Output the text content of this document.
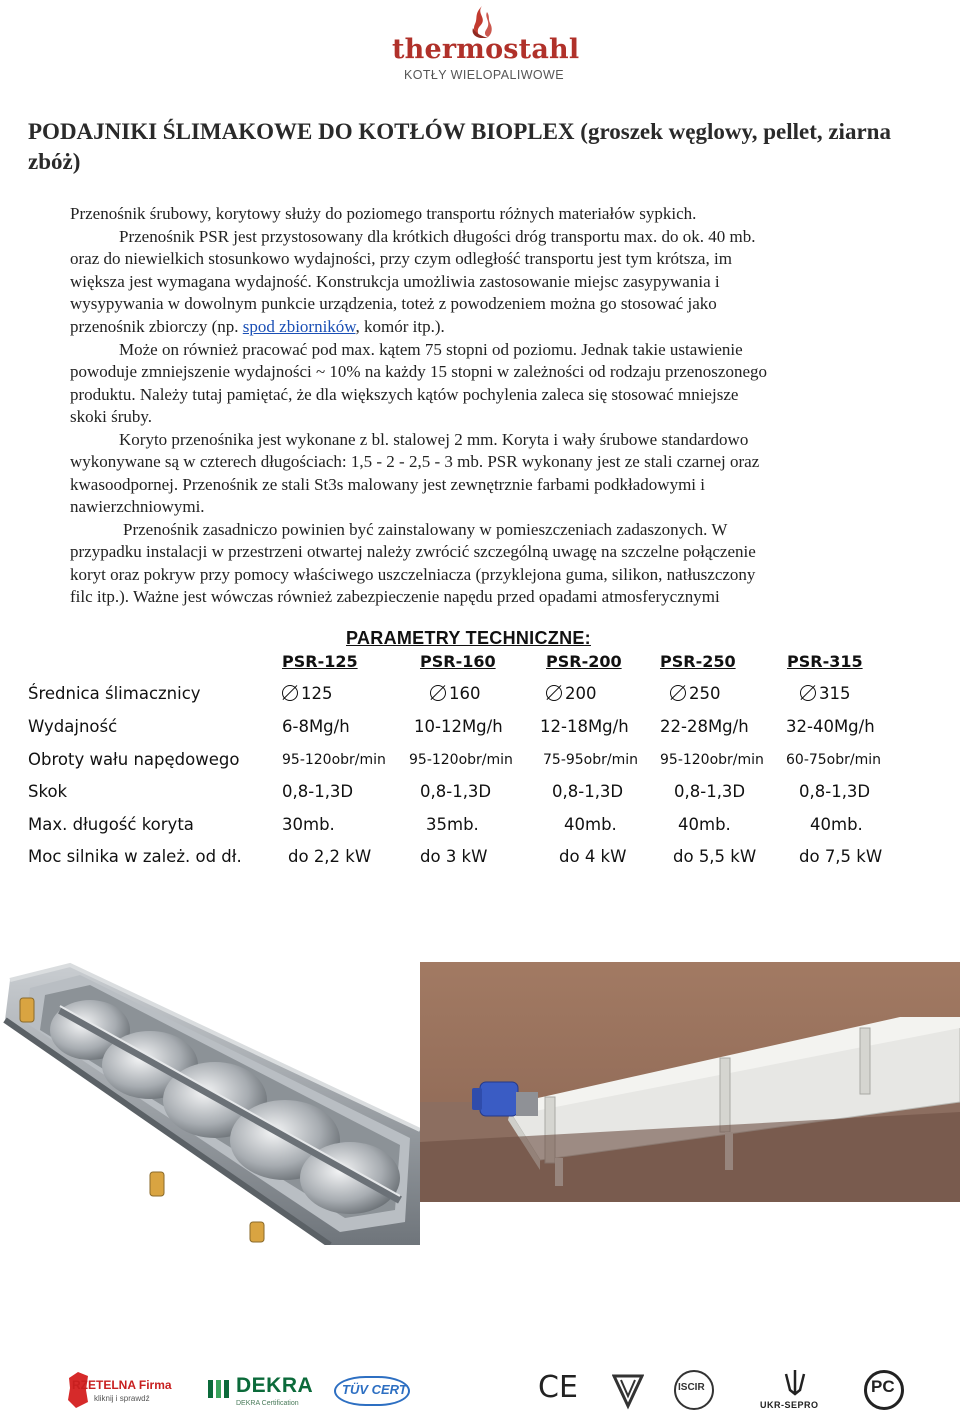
thermostahl
KOTŁY WIELOPALIWOWE
PODAJNIKI ŚLIMAKOWE DO KOTŁÓW BIOPLEX (groszek węglowy, pellet, ziarna zbóż)
Przenośnik śrubowy, korytowy służy do poziomego transportu różnych materiałów sypkich.
Przenośnik PSR jest przystosowany dla krótkich długości dróg transportu max. do ok. 40 mb.
oraz do niewielkich stosunkowo wydajności, przy czym odległość transportu jest tym krótsza, im
większa jest wymagana wydajność. Konstrukcja umożliwia zastosowanie miejsc zasypywania i
wysypywania w dowolnym punkcie urządzenia, toteż z powodzeniem można go stosować jako
przenośnik zbiorczy (np. spod zbiorników, komór itp.).
Może on również pracować pod max. kątem 75 stopni od poziomu. Jednak takie ustawienie
powoduje zmniejszenie wydajności ~ 10% na każdy 15 stopni w zależności od rodzaju przenoszonego
produktu. Należy tutaj pamiętać, że dla większych kątów pochylenia zaleca się stosować mniejsze
skoki śruby.
Koryto przenośnika jest wykonane z bl. stalowej 2 mm. Koryta i wały śrubowe standardowo
wykonywane są w czterech długościach: 1,5 - 2 - 2,5 - 3 mb. PSR wykonany jest ze stali czarnej oraz
kwasoodpornej. Przenośnik ze stali St3s malowany jest zewnętrznie farbami podkładowymi i
nawierzchniowymi.
Przenośnik zasadniczo powinien być zainstalowany w pomieszczeniach zadaszonych. W
przypadku instalacji w przestrzeni otwartej należy zwrócić szczególną uwagę na szczelne połączenie
koryt oraz pokryw przy pomocy właściwego uszczelniacza (przyklejona guma, silikon, natłuszczony
filc itp.). Ważne jest wówczas również zabezpieczenie napędu przed opadami atmosferycznymi
PARAMETRY TECHNICZNE:
PSR-125	PSR-160	PSR-200 PSR-250	PSR-315
Średnica ślimacznicy	125	160	200	250	315
Wydajność	6-8Mg/h	10-12Mg/h 12-18Mg/h 22-28Mg/h 32-40Mg/h
Obroty wału napędowego	95-120obr/min 95-120obr/min 75-95obr/min 95-120obr/min 60-75obr/min
Skok	0,8-1,3D	0,8-1,3D	0,8-1,3D	0,8-1,3D	0,8-1,3D
Max. długość koryta	30mb.	35mb.	40mb.	40mb.	40mb.
Moc silnika w zależ. od dł.	do 2,2 kW	do 3 kW	do 4 kW	do 5,5 kW	do 7,5 kW
RZETELNA Firma
kliknij i sprawdź
DEKRA
DEKRA Certification
TÜV CERT	CE	ISCIR
UKR-SEPRO
PC
